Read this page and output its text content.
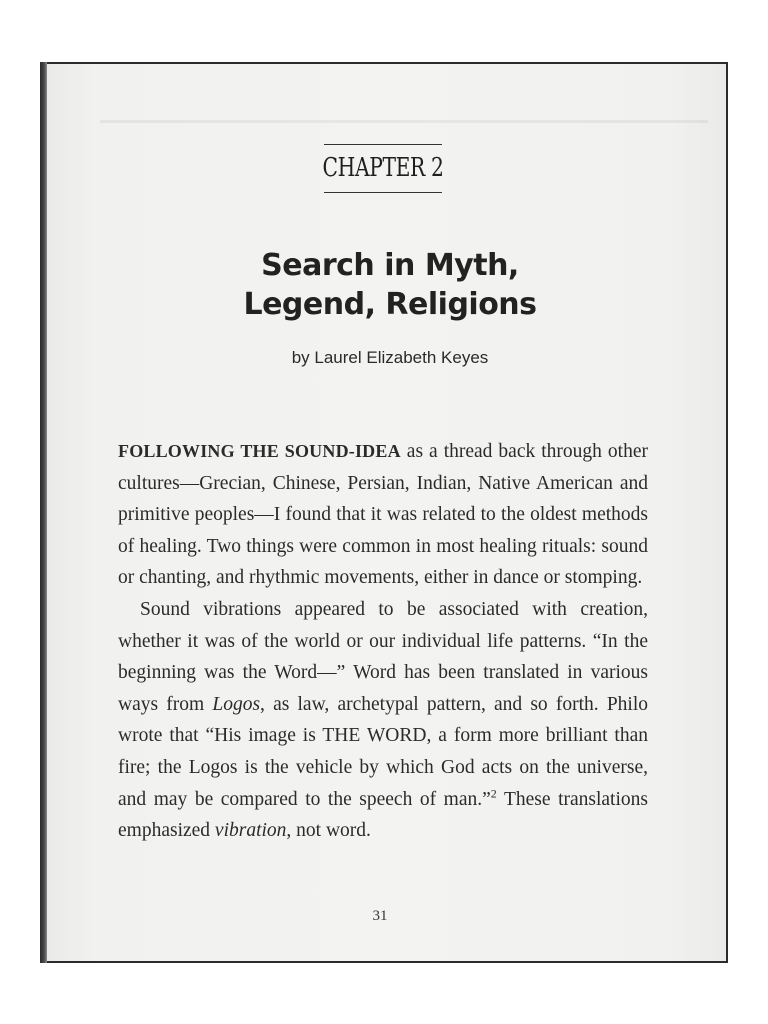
CHAPTER 2
Search in Myth,
Legend, Religions
by Laurel Elizabeth Keyes

FOLLOWING THE SOUND-IDEA as a thread back through other cultures—Grecian, Chinese, Persian, Indian, Native American and primitive peoples—I found that it was related to the oldest methods of healing. Two things were common in most healing rituals: sound or chanting, and rhythmic movements, either in dance or stomping.

Sound vibrations appeared to be associated with creation, whether it was of the world or our individual life patterns. “In the beginning was the Word—” Word has been translated in various ways from Logos, as law, archetypal pattern, and so forth. Philo wrote that “His image is THE WORD, a form more brilliant than fire; the Logos is the vehicle by which God acts on the universe, and may be compared to the speech of man.”$^2$ These translations emphasized vibration, not word.

31
